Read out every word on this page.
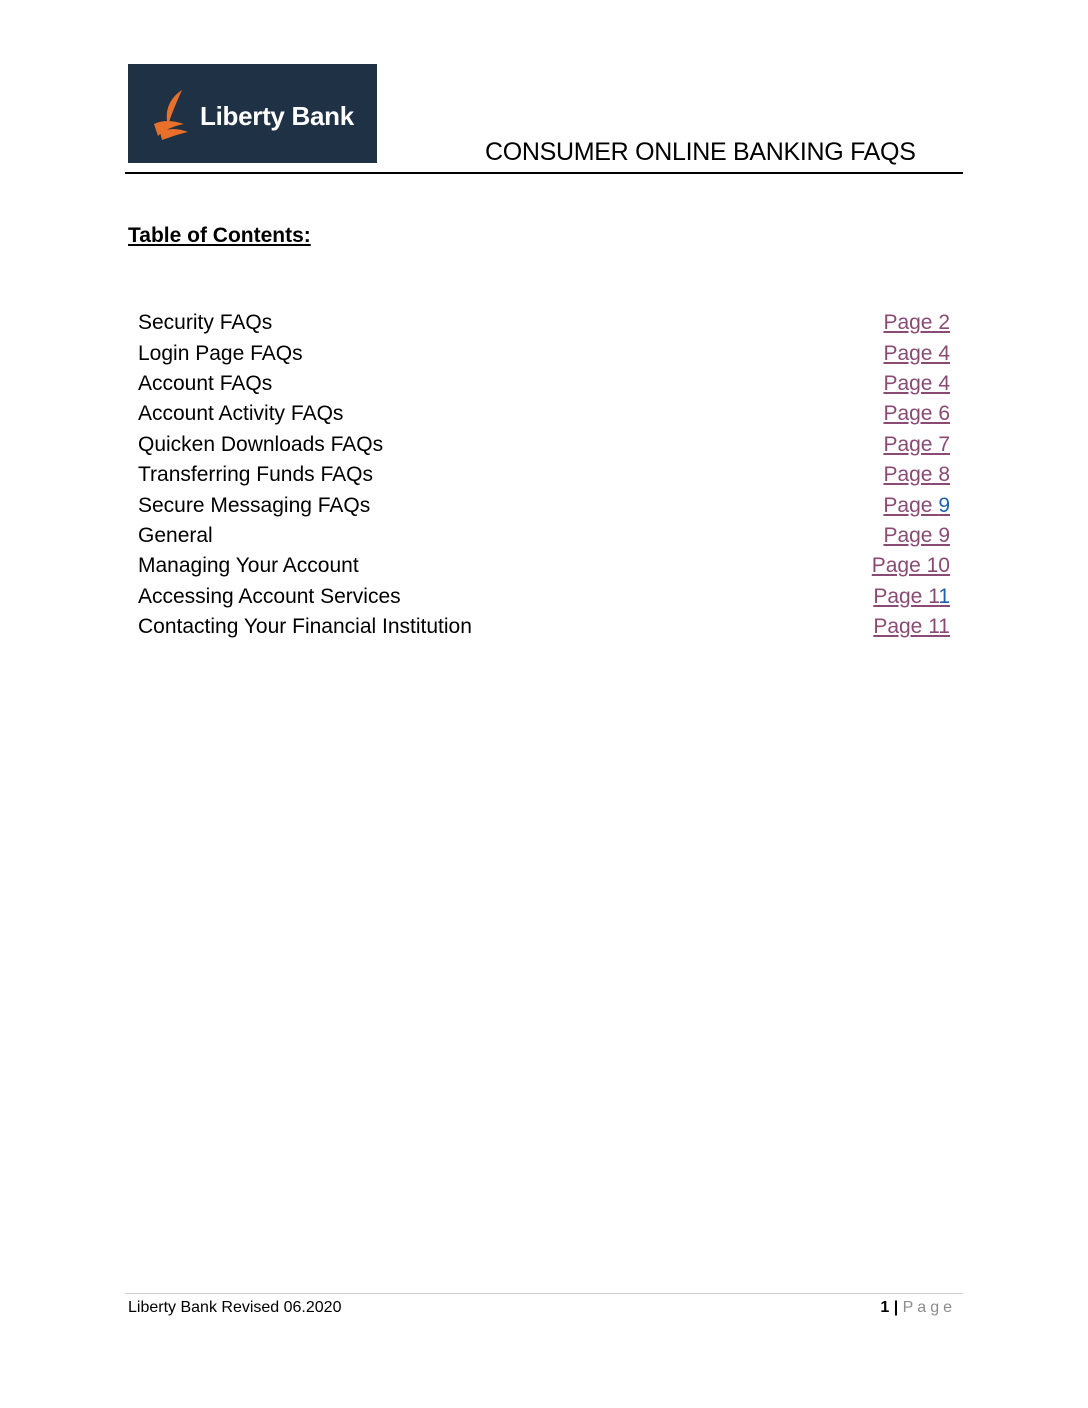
Liberty Bank
CONSUMER ONLINE BANKING FAQS
Table of Contents:
Security FAQs	Page 2
Login Page FAQs	Page 4
Account FAQs	Page 4
Account Activity FAQs	Page 6
Quicken Downloads FAQs	Page 7
Transferring Funds FAQs	Page 8
Secure Messaging FAQs	Page 9
General	Page 9
Managing Your Account	Page 10
Accessing Account Services	Page 11
Contacting Your Financial Institution	Page 11
Liberty Bank Revised 06.2020	1 | Page
